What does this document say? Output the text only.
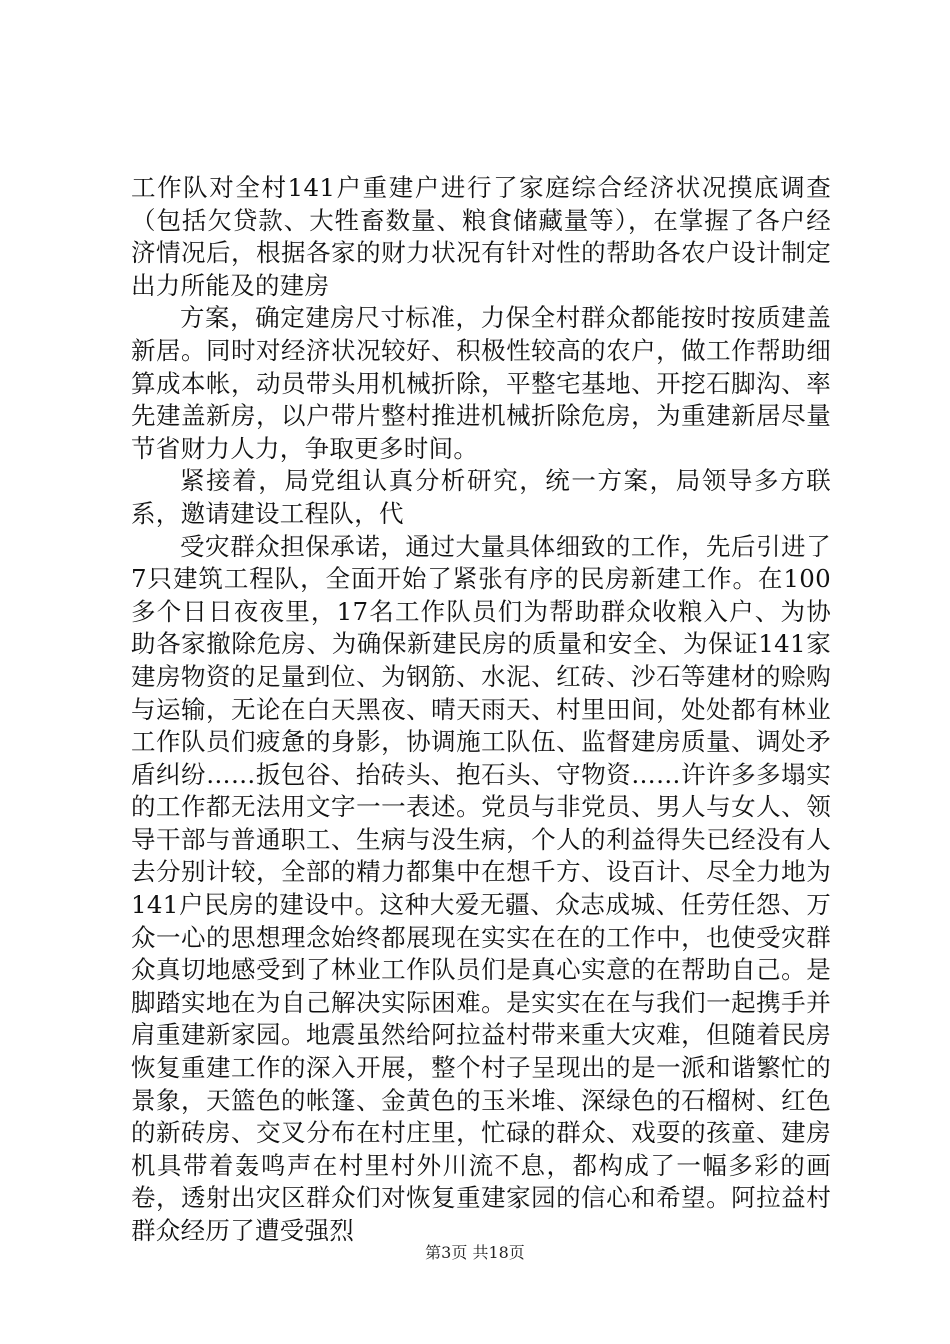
工作队对全村141户重建户进行了家庭综合经济状况摸底调查（包括欠贷款、大牲畜数量、粮食储藏量等），在掌握了各户经济情况后，根据各家的财力状况有针对性的帮助各农户设计制定出力所能及的建房

方案，确定建房尺寸标准，力保全村群众都能按时按质建盖新居。同时对经济状况较好、积极性较高的农户，做工作帮助细算成本帐，动员带头用机械折除，平整宅基地、开挖石脚沟、率先建盖新房，以户带片整村推进机械折除危房，为重建新居尽量节省财力人力，争取更多时间。

紧接着，局党组认真分析研究，统一方案，局领导多方联系，邀请建设工程队，代

受灾群众担保承诺，通过大量具体细致的工作，先后引进了7只建筑工程队，全面开始了紧张有序的民房新建工作。在100多个日日夜夜里，17名工作队员们为帮助群众收粮入户、为协助各家撤除危房、为确保新建民房的质量和安全、为保证141家建房物资的足量到位、为钢筋、水泥、红砖、沙石等建材的赊购与运输，无论在白天黑夜、晴天雨天、村里田间，处处都有林业工作队员们疲惫的身影，协调施工队伍、监督建房质量、调处矛盾纠纷……扳包谷、抬砖头、抱石头、守物资……许许多多塌实的工作都无法用文字一一表述。党员与非党员、男人与女人、领导干部与普通职工、生病与没生病，个人的利益得失已经没有人去分别计较，全部的精力都集中在想千方、设百计、尽全力地为141户民房的建设中。这种大爱无疆、众志成城、任劳任怨、万众一心的思想理念始终都展现在实实在在的工作中，也使受灾群众真切地感受到了林业工作队员们是真心实意的在帮助自己。是脚踏实地在为自己解决实际困难。是实实在在与我们一起携手并肩重建新家园。地震虽然给阿拉益村带来重大灾难，但随着民房恢复重建工作的深入开展，整个村子呈现出的是一派和谐繁忙的景象，天篮色的帐篷、金黄色的玉米堆、深绿色的石榴树、红色的新砖房、交叉分布在村庄里，忙碌的群众、戏耍的孩童、建房机具带着轰鸣声在村里村外川流不息，都构成了一幅多彩的画卷，透射出灾区群众们对恢复重建家园的信心和希望。阿拉益村群众经历了遭受强烈

第3页 共18页
